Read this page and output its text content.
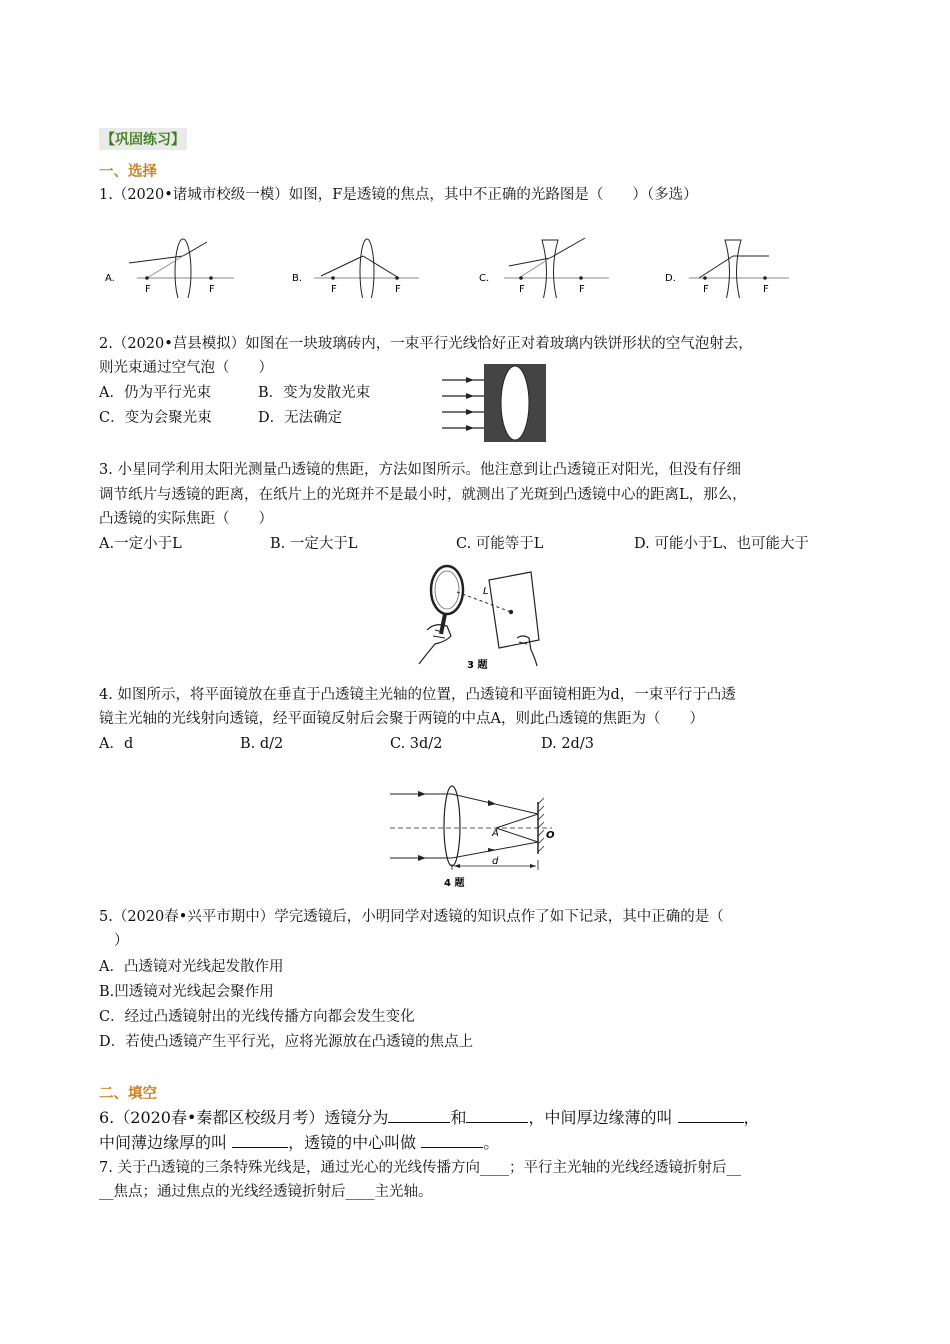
【巩固练习】
一、选择
1.（2020•诸城市校级一模）如图，F是透镜的焦点，其中不正确的光路图是（　　）（多选）
A.
F	F
B.
F	F
C.
F	F
D.
F	F
2.（2020•莒县模拟）如图在一块玻璃砖内，一束平行光线恰好正对着玻璃内铁饼形状的空气泡射去，
则光束通过空气泡（　　）
A．仍为平行光束	B．变为发散光束
C．变为会聚光束	D．无法确定
3. 小星同学利用太阳光测量凸透镜的焦距，方法如图所示。他注意到让凸透镜正对阳光，但没有仔细
调节纸片与透镜的距离，在纸片上的光斑并不是最小时，就测出了光斑到凸透镜中心的距离L，那么，
凸透镜的实际焦距（　　）
A.一定小于L	B. 一定大于L	C. 可能等于L	D. 可能小于L、也可能大于
L
3 题
4. 如图所示，将平面镜放在垂直于凸透镜主光轴的位置，凸透镜和平面镜相距为d，一束平行于凸透
镜主光轴的光线射向透镜，经平面镜反射后会聚于两镜的中点A，则此凸透镜的焦距为（　　）
A．d	B. d/2	C. 3d/2	D. 2d/3
A	O
d
4 题
5.（2020春•兴平市期中）学完透镜后，小明同学对透镜的知识点作了如下记录，其中正确的是（
）
A．凸透镜对光线起发散作用
B.凹透镜对光线起会聚作用
C．经过凸透镜射出的光线传播方向都会发生变化
D．若使凸透镜产生平行光，应将光源放在凸透镜的焦点上
二、填空
6.（2020春•秦都区校级月考）透镜分为	和	，中间厚边缘薄的叫	，
中间薄边缘厚的叫	，透镜的中心叫做	。
7. 关于凸透镜的三条特殊光线是，通过光心的光线传播方向____；平行主光轴的光线经透镜折射后__
__焦点；通过焦点的光线经透镜折射后____主光轴。
